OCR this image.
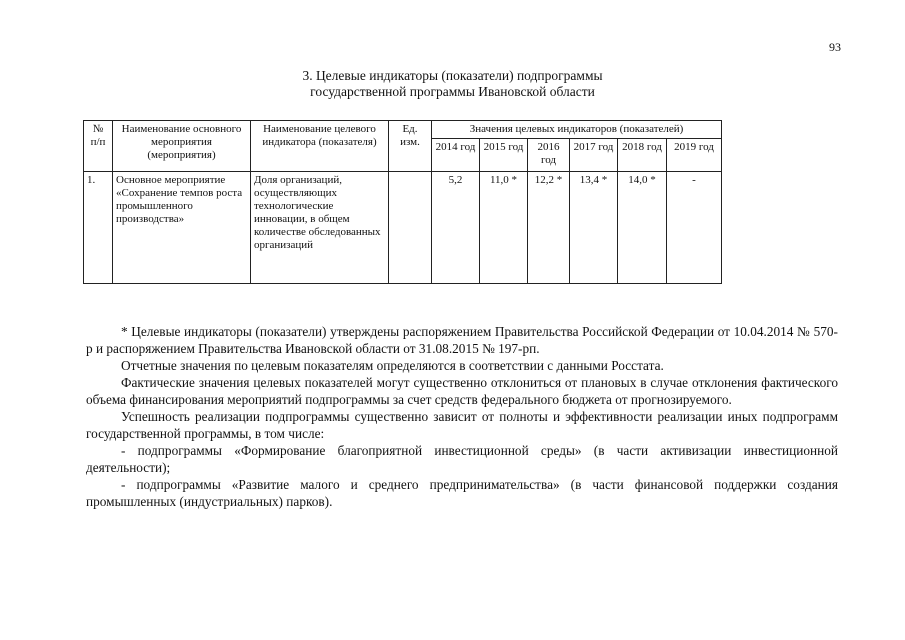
93
3. Целевые индикаторы (показатели) подпрограммы
государственной программы Ивановской области
№ п/п	Наименование основного мероприятия (мероприятия)	Наименование целевого индикатора (показателя)	Ед. изм.	Значения целевых индикаторов (показателей)					
				2014 год	2015 год	2016 год	2017 год	2018 год	2019 год
1.	Основное мероприятие «Сохранение темпов роста промышленного производства»	Доля организаций, осуществляющих технологические инновации, в общем количестве обследованных организаций		5,2	11,0 *	12,2 *	13,4 *	14,0 *	-

* Целевые индикаторы (показатели) утверждены распоряжением Правительства Российской Федерации от 10.04.2014 № 570-р и распоряжением Правительства Ивановской области от 31.08.2015 № 197-рп.

Отчетные значения по целевым показателям определяются в соответствии с данными Росстата.

Фактические значения целевых показателей могут существенно отклониться от плановых в случае отклонения фактического объема финансирования мероприятий подпрограммы за счет средств федерального бюджета от прогнозируемого.

Успешность реализации подпрограммы существенно зависит от полноты и эффективности реализации иных подпрограмм государственной программы, в том числе:

- подпрограммы «Формирование благоприятной инвестиционной среды» (в части активизации инвестиционной деятельности);

- подпрограммы «Развитие малого и среднего предпринимательства» (в части финансовой поддержки создания промышленных (индустриальных) парков).
